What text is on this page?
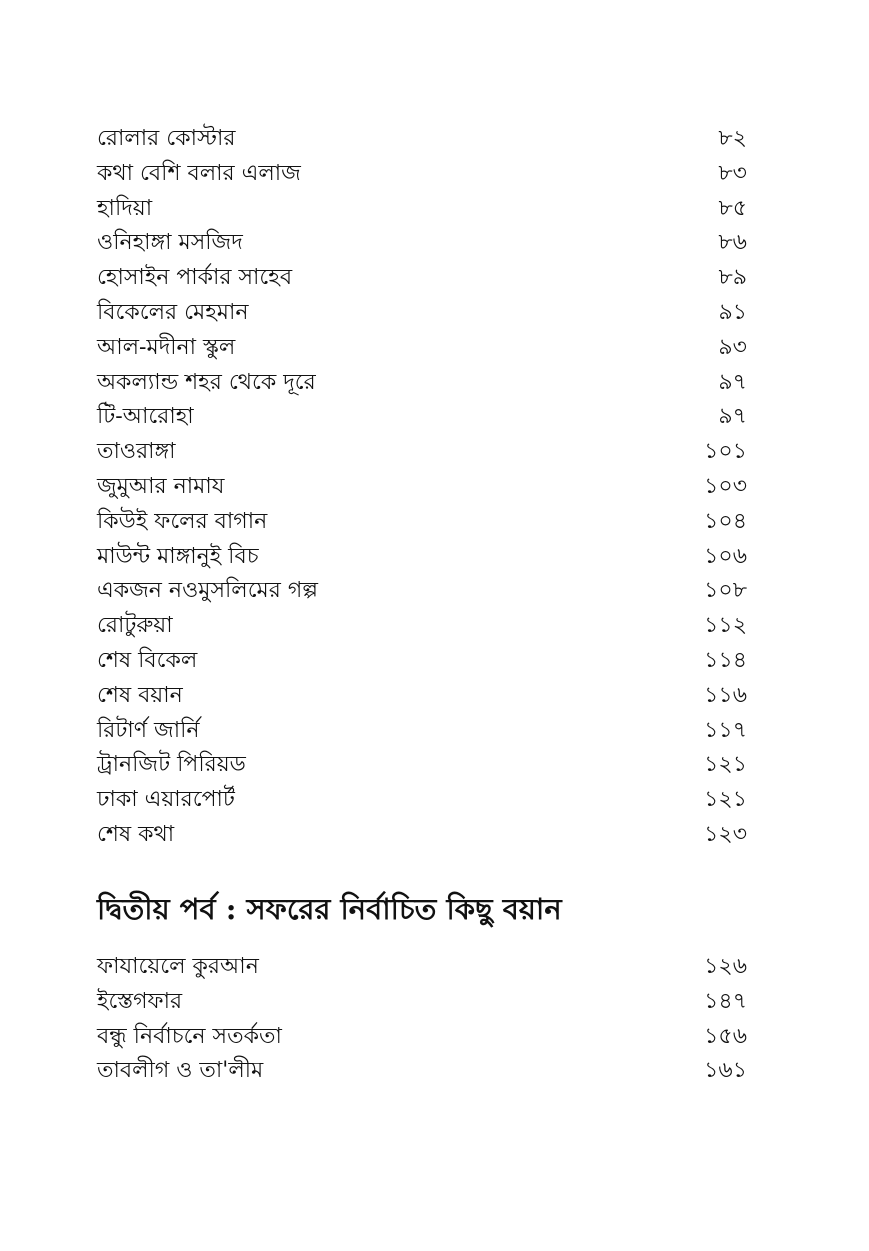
রোলার কোস্টার	৮২
কথা বেশি বলার এলাজ	৮৩
হাদিয়া	৮৫
ওনিহাঙ্গা মসজিদ	৮৬
হোসাইন পার্কার সাহেব	৮৯
বিকেলের মেহমান	৯১
আল-মদীনা স্কুল	৯৩
অকল্যান্ড শহর থেকে দূরে	৯৭
টি-আরোহা	৯৭
তাওরাঙ্গা	১০১
জুমুআর নামায	১০৩
কিউই ফলের বাগান	১০৪
মাউন্ট মাঙ্গানুই বিচ	১০৬
একজন নওমুসলিমের গল্প	১০৮
রোটুরুয়া	১১২
শেষ বিকেল	১১৪
শেষ বয়ান	১১৬
রিটার্ণ জার্নি	১১৭
ট্রানজিট পিরিয়ড	১২১
ঢাকা এয়ারপোর্ট	১২১
শেষ কথা	১২৩
দ্বিতীয় পর্ব : সফরের নির্বাচিত কিছু বয়ান
ফাযায়েলে কুরআন	১২৬
ইস্তেগফার	১৪৭
বন্ধু নির্বাচনে সতর্কতা	১৫৬
তাবলীগ ও তা'লীম	১৬১
